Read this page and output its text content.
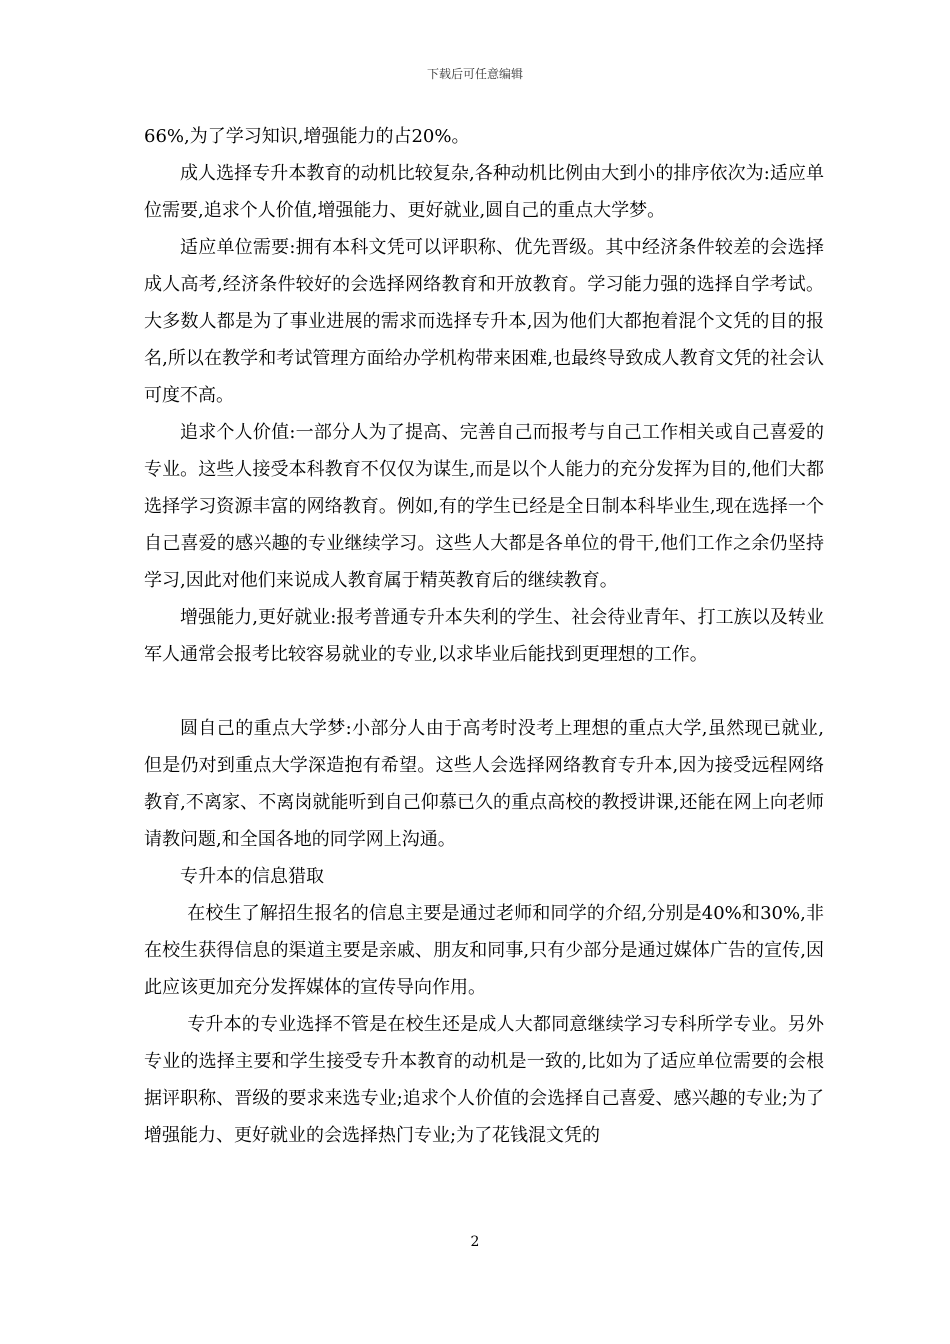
下载后可任意编辑

66%,为了学习知识,增强能力的占20%。

成人选择专升本教育的动机比较复杂,各种动机比例由大到小的排序依次为:适应单位需要,追求个人价值,增强能力、更好就业,圆自己的重点大学梦。

适应单位需要:拥有本科文凭可以评职称、优先晋级。其中经济条件较差的会选择成人高考,经济条件较好的会选择网络教育和开放教育。学习能力强的选择自学考试。大多数人都是为了事业进展的需求而选择专升本,因为他们大都抱着混个文凭的目的报名,所以在教学和考试管理方面给办学机构带来困难,也最终导致成人教育文凭的社会认可度不高。

追求个人价值:一部分人为了提高、完善自己而报考与自己工作相关或自己喜爱的专业。这些人接受本科教育不仅仅为谋生,而是以个人能力的充分发挥为目的,他们大都选择学习资源丰富的网络教育。例如,有的学生已经是全日制本科毕业生,现在选择一个自己喜爱的感兴趣的专业继续学习。这些人大都是各单位的骨干,他们工作之余仍坚持学习,因此对他们来说成人教育属于精英教育后的继续教育。

增强能力,更好就业:报考普通专升本失利的学生、社会待业青年、打工族以及转业军人通常会报考比较容易就业的专业,以求毕业后能找到更理想的工作。

圆自己的重点大学梦:小部分人由于高考时没考上理想的重点大学,虽然现已就业,但是仍对到重点大学深造抱有希望。这些人会选择网络教育专升本,因为接受远程网络教育,不离家、不离岗就能听到自己仰慕已久的重点高校的教授讲课,还能在网上向老师请教问题,和全国各地的同学网上沟通。

专升本的信息猎取

在校生了解招生报名的信息主要是通过老师和同学的介绍,分别是40%和30%,非在校生获得信息的渠道主要是亲戚、朋友和同事,只有少部分是通过媒体广告的宣传,因此应该更加充分发挥媒体的宣传导向作用。

专升本的专业选择不管是在校生还是成人大都同意继续学习专科所学专业。另外专业的选择主要和学生接受专升本教育的动机是一致的,比如为了适应单位需要的会根据评职称、晋级的要求来选专业;追求个人价值的会选择自己喜爱、感兴趣的专业;为了增强能力、更好就业的会选择热门专业;为了花钱混文凭的

2
